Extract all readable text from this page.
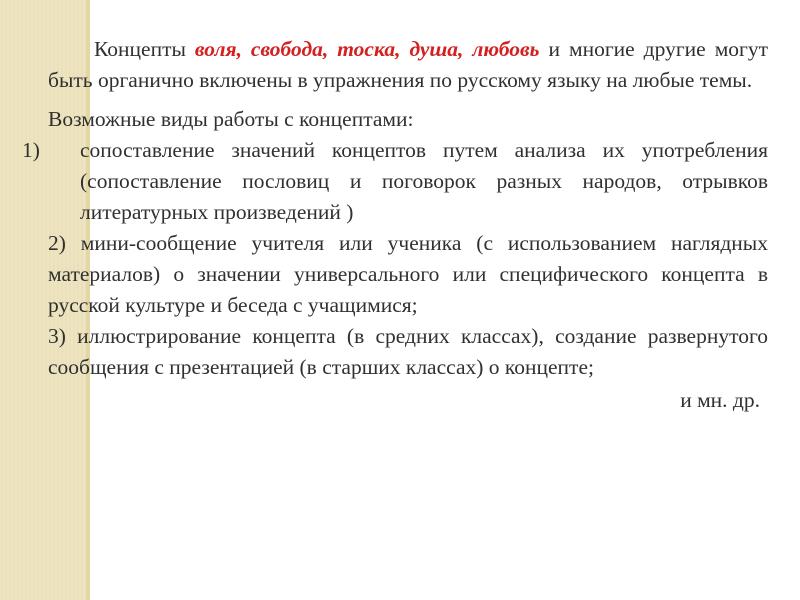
Концепты воля, свобода, тоска, душа, любовь и многие другие могут быть органично включены в упражнения по русскому языку на любые темы.

Возможные виды работы с концептами:

1) сопоставление значений концептов путем анализа их употребления (сопоставление пословиц и поговорок разных народов, отрывков литературных произведений )

2) мини-сообщение учителя или ученика (с использованием наглядных материалов) о значении универсального или специфического концепта в русской культуре и беседа с учащимися;

3) иллюстрирование концепта (в средних классах), создание развернутого сообщения с презентацией (в старших классах) о концепте;

и мн. др.
